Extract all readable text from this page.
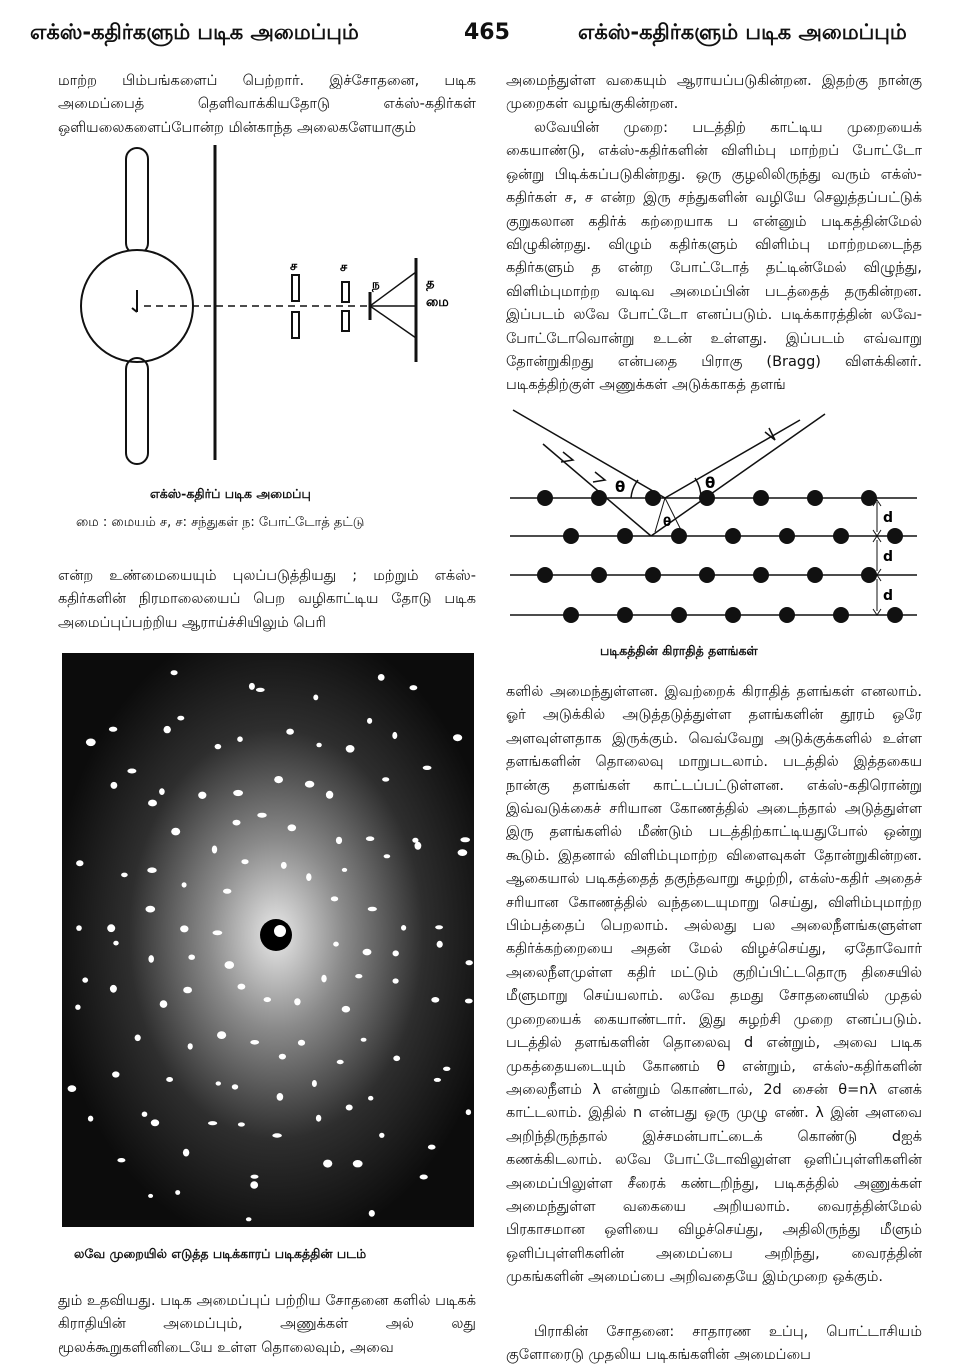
எக்ஸ்-கதிர்களும் படிக அமைப்பும்	465	எக்ஸ்-கதிர்களும் படிக அமைப்பும்

மாற்ற பிம்பங்களைப் பெற்றார். இச்சோதனை, படிக அமைப்பைத் தெளிவாக்கியதோடு எக்ஸ்-கதிர்கள் ஒளியலைகளைப்போன்ற மின்காந்த அலைகளேயாகும்

ச	ச
ந	த
மை
எக்ஸ்-கதிர்ப் படிக அமைப்பு
மை : மையம் ச, ச: சந்துகள் ந: போட்டோத் தட்டு

என்ற உண்மையையும் புலப்படுத்தியது ; மற்றும் எக்ஸ்-கதிர்களின் நிரமாலையைப் பெற வழிகாட்டிய தோடு படிக அமைப்புப்பற்றிய ஆராய்ச்சியிலும் பெரி

லவே முறையில் எடுத்த படிக்காரப் படிகத்தின் படம்

தும் உதவியது. படிக அமைப்புப் பற்றிய சோதனை களில் படிகக் கிராதியின் அமைப்பும், அணுக்கள் அல் லது மூலக்கூறுகளினிடையே உள்ள தொலைவும், அவை

அமைந்துள்ள வகையும் ஆராயப்படுகின்றன. இதற்கு நான்கு முறைகள் வழங்குகின்றன.

லவேயின் முறை: படத்திற் காட்டிய முறையைக் கையாண்டு, எக்ஸ்-கதிர்களின் விளிம்பு மாற்றப் போட்டோ ஒன்று பிடிக்கப்படுகின்றது. ஒரு குழலிலிருந்து வரும் எக்ஸ்-கதிர்கள் ச, ச என்ற இரு சந்துகளின் வழியே செலுத்தப்பட்டுக் குறுகலான கதிர்க் கற்றையாக ப என்னும் படிகத்தின்மேல் விழுகின்றது. விழும் கதிர்களும் விளிம்பு மாற்றமடைந்த கதிர்களும் த என்ற போட்டோத் தட்டின்மேல் விழுந்து, விளிம்புமாற்ற வடிவ அமைப்பின் படத்தைத் தருகின்றன. இப்படம் லவே போட்டோ எனப்படும். படிக்காரத்தின் லவே-போட்டோவொன்று உடன் உள்ளது. இப்படம் எவ்வாறு தோன்றுகிறது என்பதை பிராகு (Bragg) விளக்கினர். படிகத்திற்குள் அணுக்கள் அடுக்காகத் தளங்

θ	θ
θ	d
d
d
படிகத்தின் கிராதித் தளங்கள்

களில் அமைந்துள்ளன. இவற்றைக் கிராதித் தளங்கள் எனலாம். ஓர் அடுக்கில் அடுத்தடுத்துள்ள தளங்களின் தூரம் ஒரே அளவுள்ளதாக இருக்கும். வெவ்வேறு அடுக்குக்களில் உள்ள தளங்களின் தொலைவு மாறுபடலாம். படத்தில் இத்தகைய நான்கு தளங்கள் காட்டப்பட்டுள்ளன. எக்ஸ்-கதிரொன்று இவ்வடுக்கைச் சரியான கோணத்தில் அடைந்தால் அடுத்துள்ள இரு தளங்களில் மீண்டும் படத்திற்காட்டியதுபோல் ஒன்று கூடும். இதனால் விளிம்புமாற்ற விளைவுகள் தோன்றுகின்றன. ஆகையால் படிகத்தைத் தகுந்தவாறு சுழற்றி, எக்ஸ்-கதிர் அதைச் சரியான கோணத்தில் வந்தடையுமாறு செய்து, விளிம்புமாற்ற பிம்பத்தைப் பெறலாம். அல்லது பல அலைநீளங்களுள்ள கதிர்க்கற்றையை அதன் மேல் விழச்செய்து, ஏதோவோர் அலைநீளமுள்ள கதிர் மட்டும் குறிப்பிட்டதொரு திசையில் மீளுமாறு செய்யலாம். லவே தமது சோதனையில் முதல் முறையைக் கையாண்டார். இது சுழற்சி முறை எனப்படும். படத்தில் தளங்களின் தொலைவு d என்றும், அவை படிக முகத்தையடையும் கோணம் θ என்றும், எக்ஸ்-கதிர்களின் அலைநீளம் λ என்றும் கொண்டால், 2d சைன் θ=nλ எனக் காட்டலாம். இதில் n என்பது ஒரு முழு எண். λ இன் அளவை அறிந்திருந்தால் இச்சமன்பாட்டைக் கொண்டு dஐக் கணக்கிடலாம். லவே போட்டோவிலுள்ள ஒளிப்புள்ளிகளின் அமைப்பிலுள்ள சீரைக் கண்டறிந்து, படிகத்தில் அணுக்கள் அமைந்துள்ள வகையை அறியலாம். வைரத்தின்மேல் பிரகாசமான ஒளியை விழச்செய்து, அதிலிருந்து மீளும் ஒளிப்புள்ளிகளின் அமைப்பை அறிந்து, வைரத்தின் முகங்களின் அமைப்பை அறிவதையே இம்முறை ஒக்கும்.

பிராகின் சோதனை: சாதாரண உப்பு, பொட்டாசியம் குளோரைடு முதலிய படிகங்களின் அமைப்பை
